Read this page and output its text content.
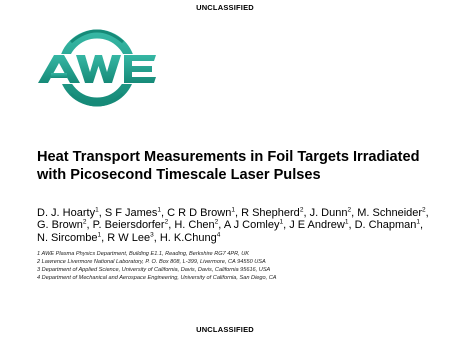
UNCLASSIFIED
Heat Transport Measurements in Foil Targets Irradiated
with Picosecond Timescale Laser Pulses
D. J. Hoarty$^1$, S F James$^1$, C R D Brown$^1$, R Shepherd$^2$, J. Dunn$^2$, M. Schneider$^2$, G. Brown$^2$, P. Beiersdorfer$^2$, H. Chen$^2$, A J Comley$^1$, J E Andrew$^1$, D. Chapman$^1$, N. Sircombe$^1$, R W Lee$^3$, H. K.Chung$^4$
1 AWE Plasma Physics Department, Building E1.1, Reading, Berkshire RG7 4PR, UK
2 Lawrence Livermore National Laboratory, P. O. Box 808, L-399, Livermore, CA 94550 USA
3 Department of Applied Science, University of California, Davis, Davis, California 95616, USA
4 Department of Mechanical and Aerospace Engineering, University of California, San Diego, CA
UNCLASSIFIED
